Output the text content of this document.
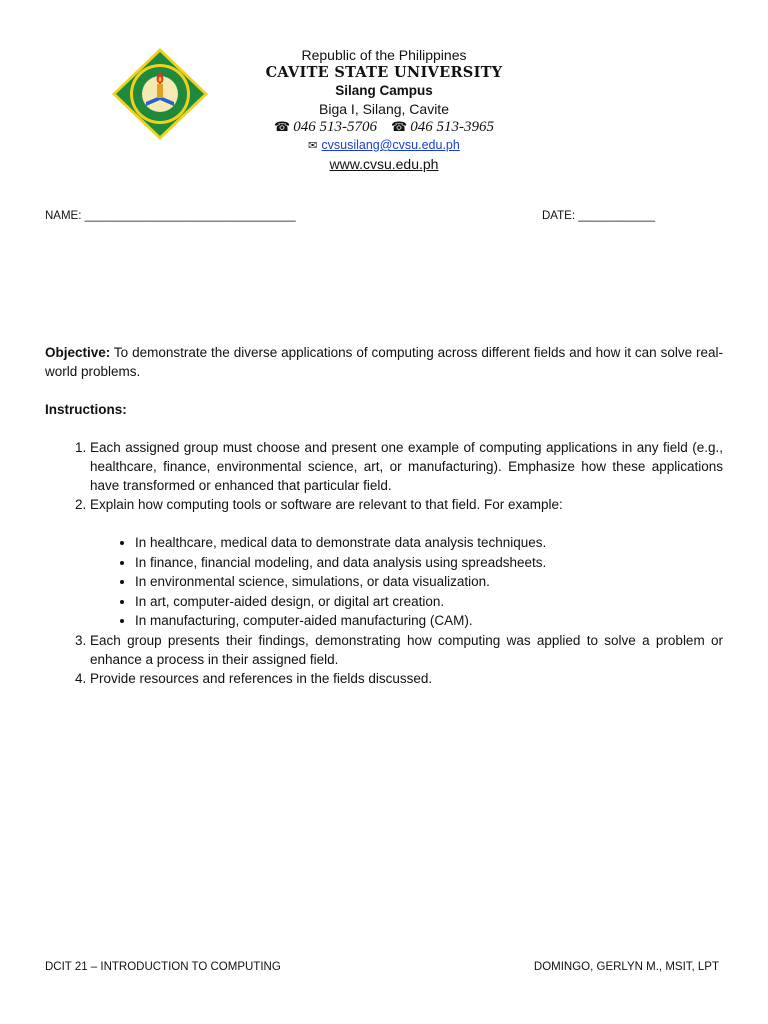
Republic of the Philippines
CAVITE STATE UNIVERSITY
Silang Campus
Biga I, Silang, Cavite
☎ 046 513-5706 ☎ 046 513-3965
✉ cvsusilang@cvsu.edu.ph
www.cvsu.edu.ph
NAME: _________________________________	DATE: ____________

Objective: To demonstrate the diverse applications of computing across different fields and how it can solve real-world problems.

Instructions:

1. Each assigned group must choose and present one example of computing applications in any field (e.g., healthcare, finance, environmental science, art, or manufacturing). Emphasize how these applications have transformed or enhanced that particular field.
2. Explain how computing tools or software are relevant to that field. For example:
• In healthcare, medical data to demonstrate data analysis techniques.
• In finance, financial modeling, and data analysis using spreadsheets.
• In environmental science, simulations, or data visualization.
• In art, computer-aided design, or digital art creation.
• In manufacturing, computer-aided manufacturing (CAM).
3. Each group presents their findings, demonstrating how computing was applied to solve a problem or enhance a process in their assigned field.
4. Provide resources and references in the fields discussed.
DCIT 21 – INTRODUCTION TO COMPUTING	DOMINGO, GERLYN M., MSIT, LPT
